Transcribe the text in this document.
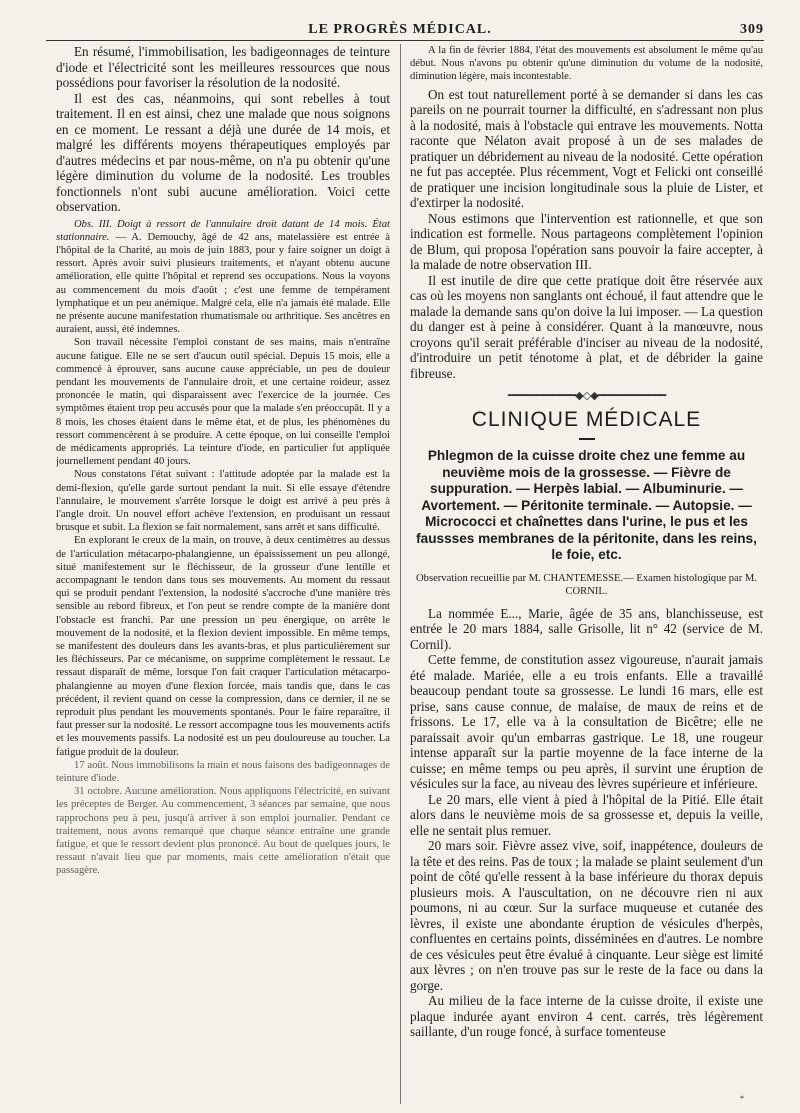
LE PROGRÈS MÉDICAL.	309

En résumé, l'immobilisation, les badigeonnages de teinture d'iode et l'électricité sont les meilleures ressources que nous possédions pour favoriser la résolution de la nodosité.

Il est des cas, néanmoins, qui sont rebelles à tout traitement. Il en est ainsi, chez une malade que nous soignons en ce moment. Le ressant a déjà une durée de 14 mois, et malgré les différents moyens thérapeutiques employés par d'autres médecins et par nous-même, on n'a pu obtenir qu'une légère diminution du volume de la nodosité. Les troubles fonctionnels n'ont subi aucune amélioration. Voici cette observation.

Obs. III. Doigt à ressort de l'annulaire droit datant de 14 mois. État stationnaire. — A. Demouchy, âgé de 42 ans, matelassière est entrée à l'hôpital de la Charité, au mois de juin 1883, pour y faire soigner un doigt à ressort. Après avoir suivi plusieurs traitements, et n'ayant obtenu aucune amélioration, elle quitte l'hôpital et reprend ses occupations. Nous la voyons au commencement du mois d'août ; c'est une femme de tempérament lymphatique et un peu anémique. Malgré cela, elle n'a jamais été malade. Elle ne présente aucune manifestation rhumatismale ou arthritique. Ses ancêtres en auraient, aussi, été indemnes.

Son travail nécessite l'emploi constant de ses mains, mais n'entraîne aucune fatigue. Elle ne se sert d'aucun outil spécial. Depuis 15 mois, elle a commencé à éprouver, sans aucune cause appréciable, un peu de douleur pendant les mouvements de l'annulaire droit, et une certaine roideur, assez prononcée le matin, qui disparaissent avec l'exercice de la journée. Ces symptômes étaient trop peu accusés pour que la malade s'en préoccupât. Il y a 8 mois, les choses étaient dans le même état, et de plus, les phénomènes du ressort commencèrent à se produire. A cette époque, on lui conseille l'emploi de médicaments appropriés. La teinture d'iode, en particulier fut appliquée journellement pendant 40 jours.

Nous constatons l'état suivant : l'attitude adoptée par la malade est la demi-flexion, qu'elle garde surtout pendant la nuit. Si elle essaye d'étendre l'annulaire, le mouvement s'arrête lorsque le doigt est arrivé à peu près à l'angle droit. Un nouvel effort achève l'extension, en produisant un ressaut brusque et subit. La flexion se fait normalement, sans arrêt et sans difficulté.

En explorant le creux de la main, on trouve, à deux centimètres au dessus de l'articulation métacarpo-phalangienne, un épaississement un peu allongé, situé manifestement sur le fléchisseur, de la grosseur d'une lentille et accompagnant le tendon dans tous ses mouvements. Au moment du ressaut qui se produit pendant l'extension, la nodosité s'accroche d'une manière très sensible au rebord fibreux, et l'on peut se rendre compte de la manière dont l'obstacle est franchi. Par une pression un peu énergique, on arrête le mouvement de la nodosité, et la flexion devient impossible. En même temps, se manifestent des douleurs dans les avants-bras, et plus particulièrement sur les fléchisseurs. Par ce mécanisme, on supprime complètement le ressaut. Le ressaut disparaît de même, lorsque l'on fait craquer l'articulation métacarpo-phalangienne au moyen d'une flexion forcée, mais tandis que, dans le cas précédent, il revient quand on cesse la compression, dans ce dernier, il ne se reproduit plus pendant les mouvements spontanés. Pour le faire reparaître, il faut presser sur la nodosité. Le ressort accompagne tous les mouvements actifs et les mouvements passifs. La nodosité est un peu douloureuse au toucher. La fatigue produit de la douleur.

17 août. Nous immobilisons la main et nous faisons des badigeonnages de teinture d'iode.

31 octobre. Aucune amélioration. Nous appliquons l'électricité, en suivant les préceptes de Berger. Au commencement, 3 séances par semaine, que nous rapprochons peu à peu, jusqu'à arriver à son emploi journalier. Pendant ce traitement, nous avons remarqué que chaque séance entraîne une grande fatigue, et que le ressort devient plus prononcé. Au bout de quelques jours, le ressaut n'avait lieu que par moments, mais cette amélioration n'était que passagère.

A la fin de février 1884, l'état des mouvements est absolument le même qu'au début. Nous n'avons pu obtenir qu'une diminution du volume de la nodosité, diminution légère, mais incontestable.

On est tout naturellement porté à se demander si dans les cas pareils on ne pourrait tourner la difficulté, en s'adressant non plus à la nodosité, mais à l'obstacle qui entrave les mouvements. Notta raconte que Nélaton avait proposé à un de ses malades de pratiquer un débridement au niveau de la nodosité. Cette opération ne fut pas acceptée. Plus récemment, Vogt et Felicki ont conseillé de pratiquer une incision longitudinale sous la pluie de Lister, et d'extirper la nodosité.

Nous estimons que l'intervention est rationnelle, et que son indication est formelle. Nous partageons complètement l'opinion de Blum, qui proposa l'opération sans pouvoir la faire accepter, à la malade de notre observation III.

Il est inutile de dire que cette pratique doit être réservée aux cas où les moyens non sanglants ont échoué, il faut attendre que le malade la demande sans qu'on doive la lui imposer. — La question du danger est à peine à considérer. Quant à la manœuvre, nous croyons qu'il serait préférable d'inciser au niveau de la nodosité, d'introduire un petit ténotome à plat, et de débrider la gaine fibreuse.

━━━━━━━━━━━━◆◇◆━━━━━━━━━━━━
CLINIQUE MÉDICALE
Phlegmon de la cuisse droite chez une femme au neuvième mois de la grossesse. — Fièvre de suppuration. — Herpès labial. — Albuminurie. — Avortement. — Péritonite terminale. — Autopsie. — Micrococci et chaînettes dans l'urine, le pus et les faussses membranes de la péritonite, dans les reins, le foie, etc.
Observation recueillie par M. CHANTEMESSE.— Examen histologique par M. CORNIL.

La nommée E..., Marie, âgée de 35 ans, blanchisseuse, est entrée le 20 mars 1884, salle Grisolle, lit n° 42 (service de M. Cornil).

Cette femme, de constitution assez vigoureuse, n'aurait jamais été malade. Mariée, elle a eu trois enfants. Elle a travaillé beaucoup pendant toute sa grossesse. Le lundi 16 mars, elle est prise, sans cause connue, de malaise, de maux de reins et de frissons. Le 17, elle va à la consultation de Bicêtre; elle ne paraissait avoir qu'un embarras gastrique. Le 18, une rougeur intense apparaît sur la partie moyenne de la face interne de la cuisse; en même temps ou peu après, il survint une éruption de vésicules sur la face, au niveau des lèvres supérieure et inférieure.

Le 20 mars, elle vient à pied à l'hôpital de la Pitié. Elle était alors dans le neuvième mois de sa grossesse et, depuis la veille, elle ne sentait plus remuer.

20 mars soir. Fièvre assez vive, soif, inappétence, douleurs de la tête et des reins. Pas de toux ; la malade se plaint seulement d'un point de côté qu'elle ressent à la base inférieure du thorax depuis plusieurs mois. A l'auscultation, on ne découvre rien ni aux poumons, ni au cœur. Sur la surface muqueuse et cutanée des lèvres, il existe une abondante éruption de vésicules d'herpès, confluentes en certains points, disséminées en d'autres. Le nombre de ces vésicules peut être évalué à cinquante. Leur siège est limité aux lèvres ; on n'en trouve pas sur le reste de la face ou dans la gorge.

Au milieu de la face interne de la cuisse droite, il existe une plaque indurée ayant environ 4 cent. carrés, très légèrement saillante, d'un rouge foncé, à surface tomenteuse

*
